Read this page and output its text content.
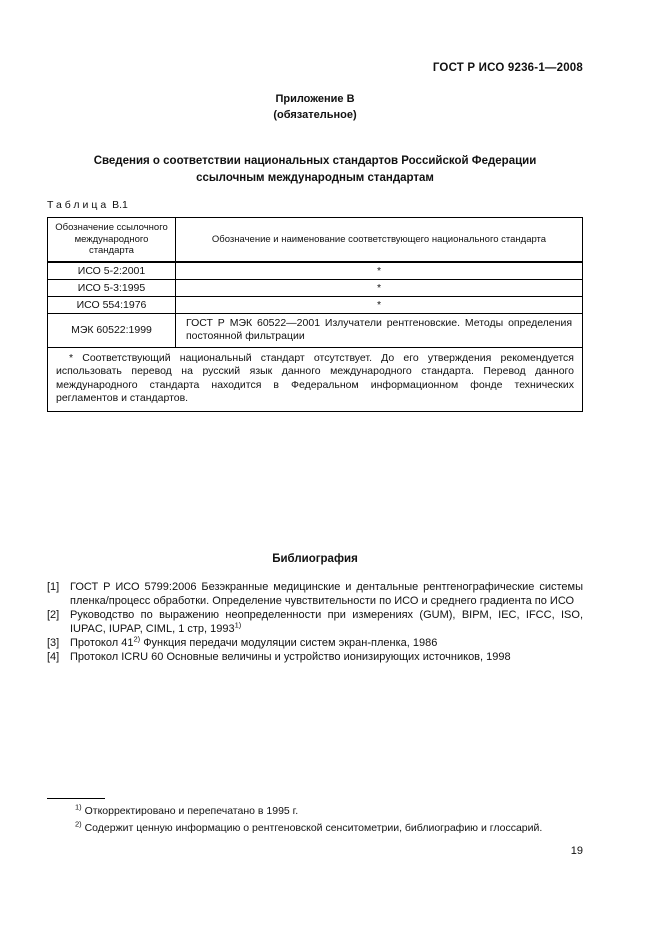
ГОСТ Р ИСО 9236-1—2008
Приложение В
(обязательное)
Сведения о соответствии национальных стандартов Российской Федерации
ссылочным международным стандартам
Таблица В.1
Обозначение ссылочного международного стандарта	Обозначение и наименование соответствующего национального стандарта
ИСО 5-2:2001	*
ИСО 5-3:1995	*
ИСО 554:1976	*
МЭК 60522:1999	ГОСТ Р МЭК 60522—2001 Излучатели рентгеновские. Методы определения постоянной фильтрации
* Соответствующий национальный стандарт отсутствует. До его утверждения рекомендуется использовать перевод на русский язык данного международного стандарта. Перевод данного международного стандарта находится в Федеральном информационном фонде технических регламентов и стандартов.	
Библиография
[1] ГОСТ Р ИСО 5799:2006 Безэкранные медицинские и дентальные рентгенографические системы пленка/процесс обработки. Определение чувствительности по ИСО и среднего градиента по ИСО
[2] Руководство по выражению неопределенности при измерениях (GUM), BIPM, IEC, IFCC, ISO, IUPAC, IUPAP, CIML, 1 стр, 1993$^{1)}$
[3] Протокол 41$^{2)}$ Функция передачи модуляции систем экран-пленка, 1986
[4] Протокол ICRU 60 Основные величины и устройство ионизирующих источников, 1998
$^{1)}$ Откорректировано и перепечатано в 1995 г.
$^{2)}$ Содержит ценную информацию о рентгеновской сенситометрии, библиографию и глоссарий.
19
